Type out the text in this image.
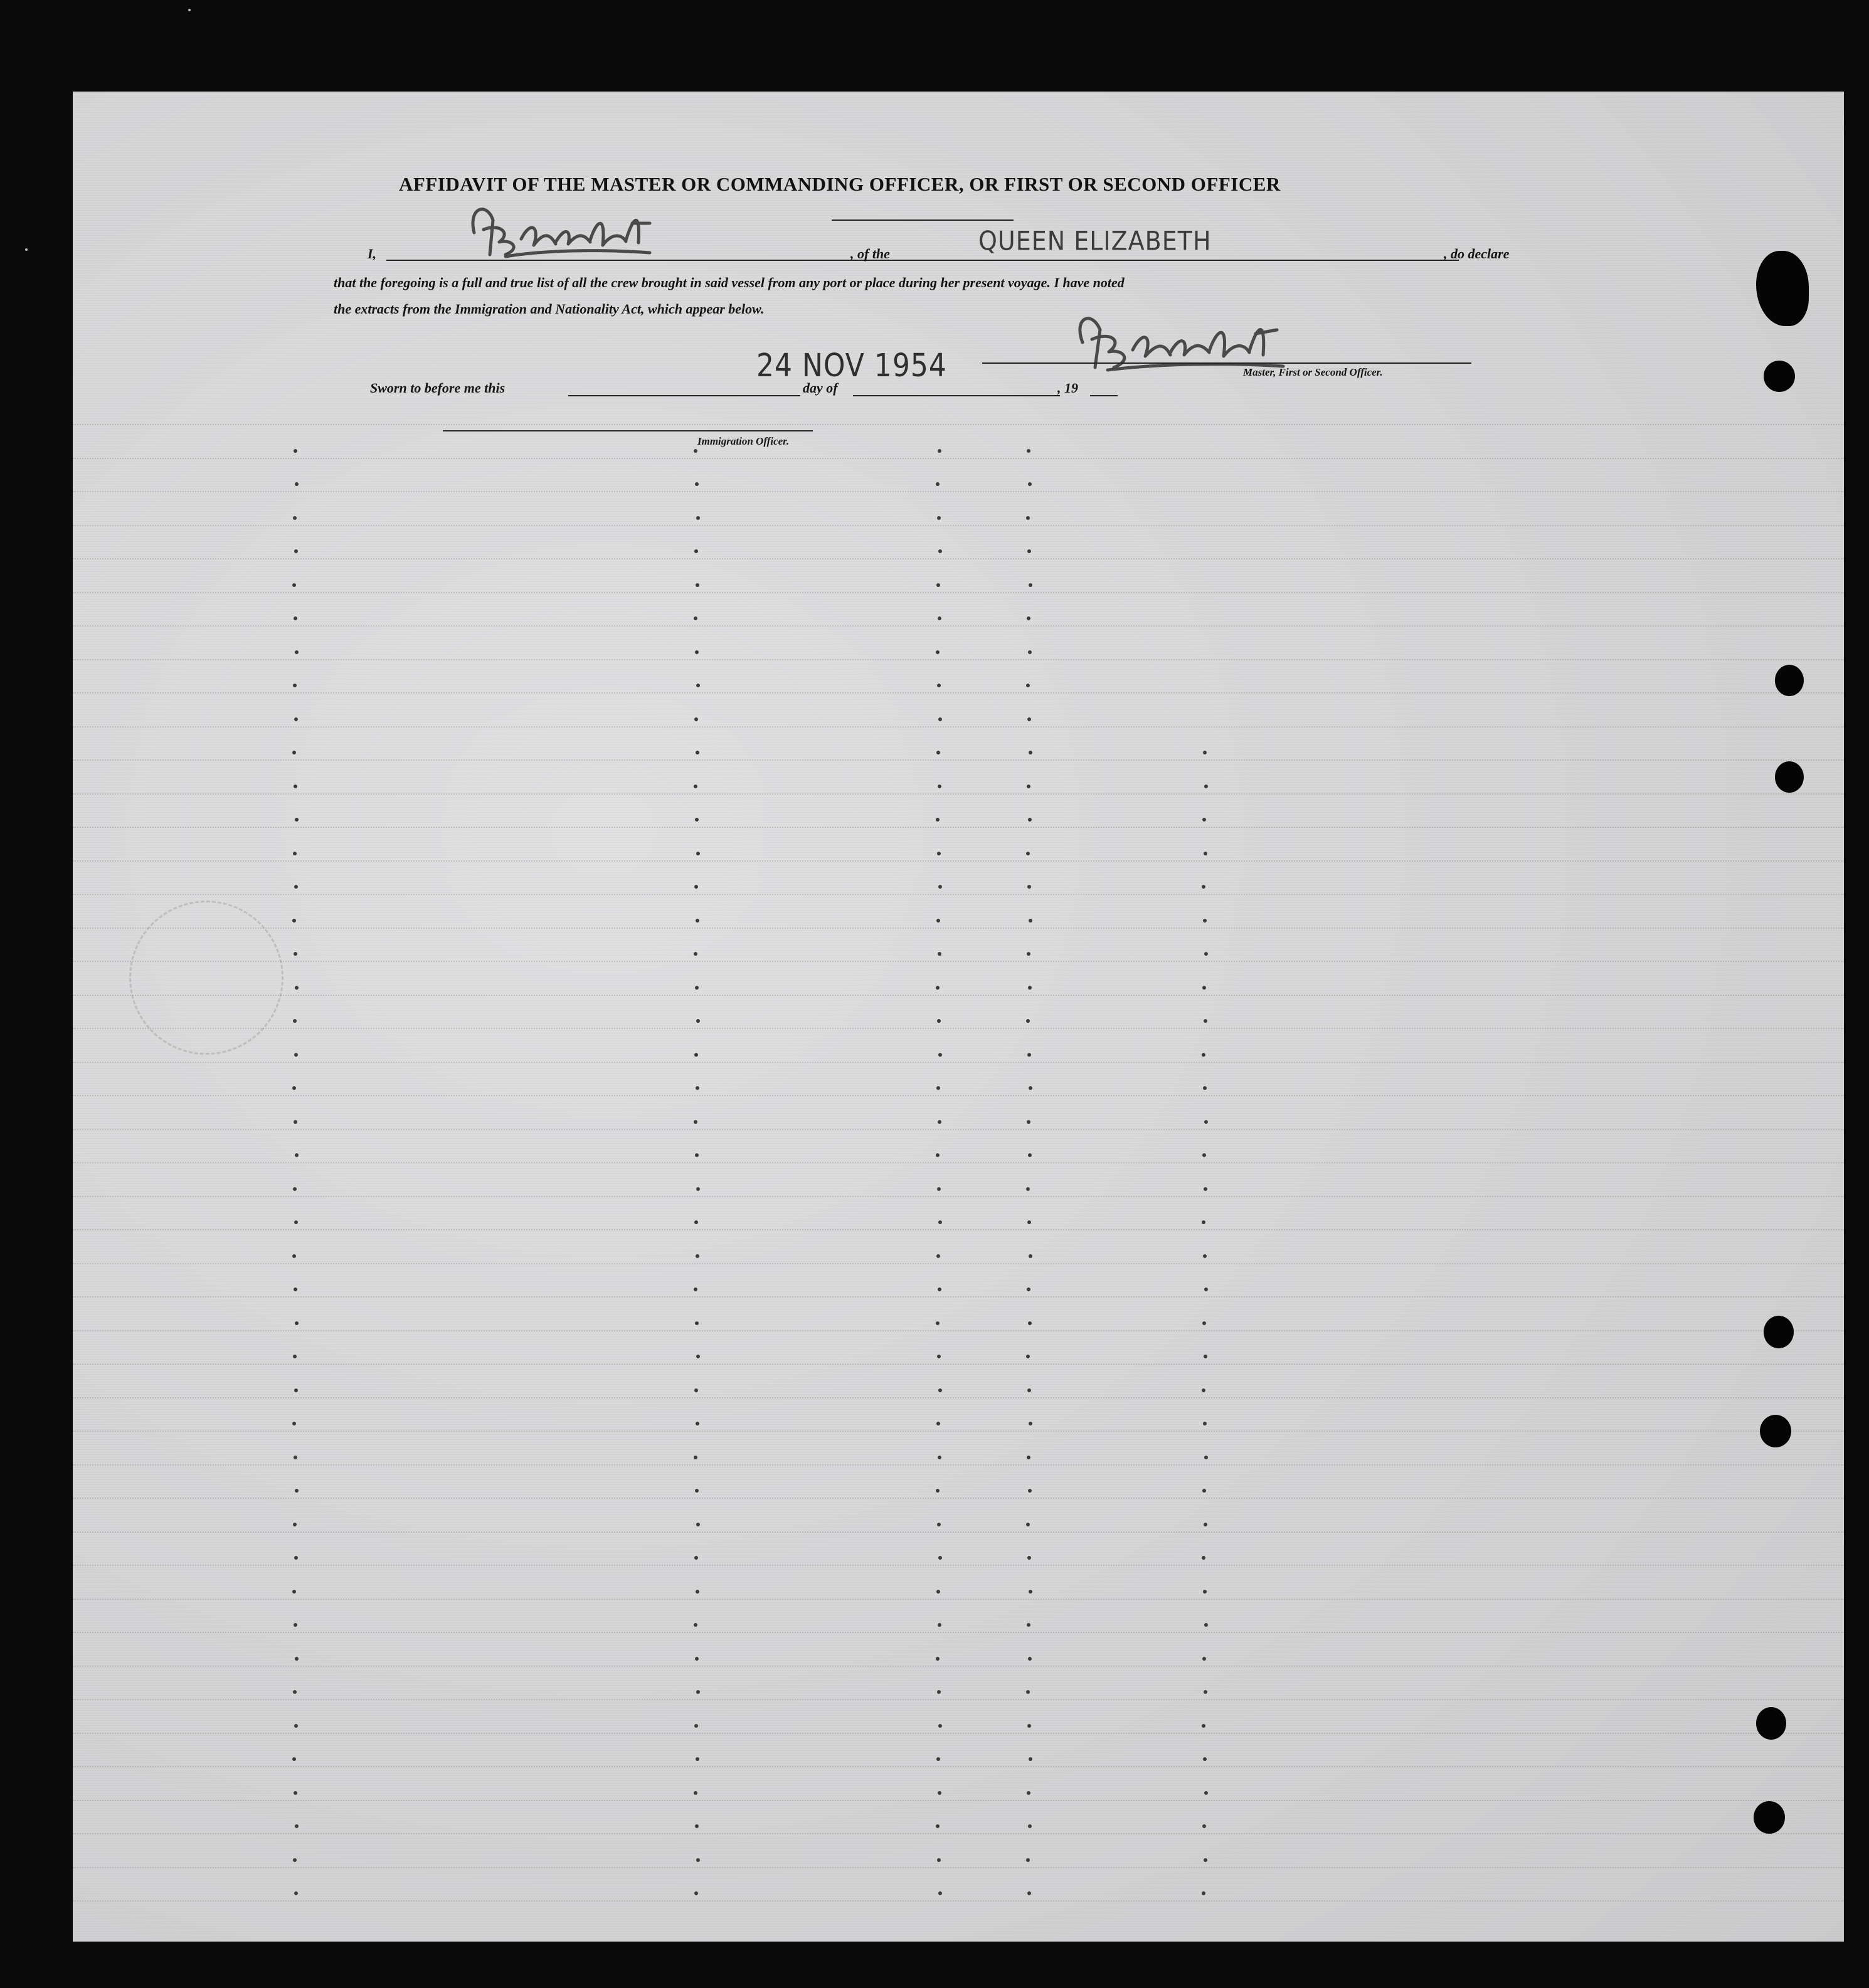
AFFIDAVIT OF THE MASTER OR COMMANDING OFFICER, OR FIRST OR SECOND OFFICER
I,	, of the	QUEEN ELIZABETH	, do declare
that the foregoing is a full and true list of all the crew brought in said vessel from any port or place during her present voyage. I have noted
the extracts from the Immigration and Nationality Act, which appear below.
Master, First or Second Officer.
Sworn to before me this
24 NOV 1954
day of	, 19
Immigration Officer.
